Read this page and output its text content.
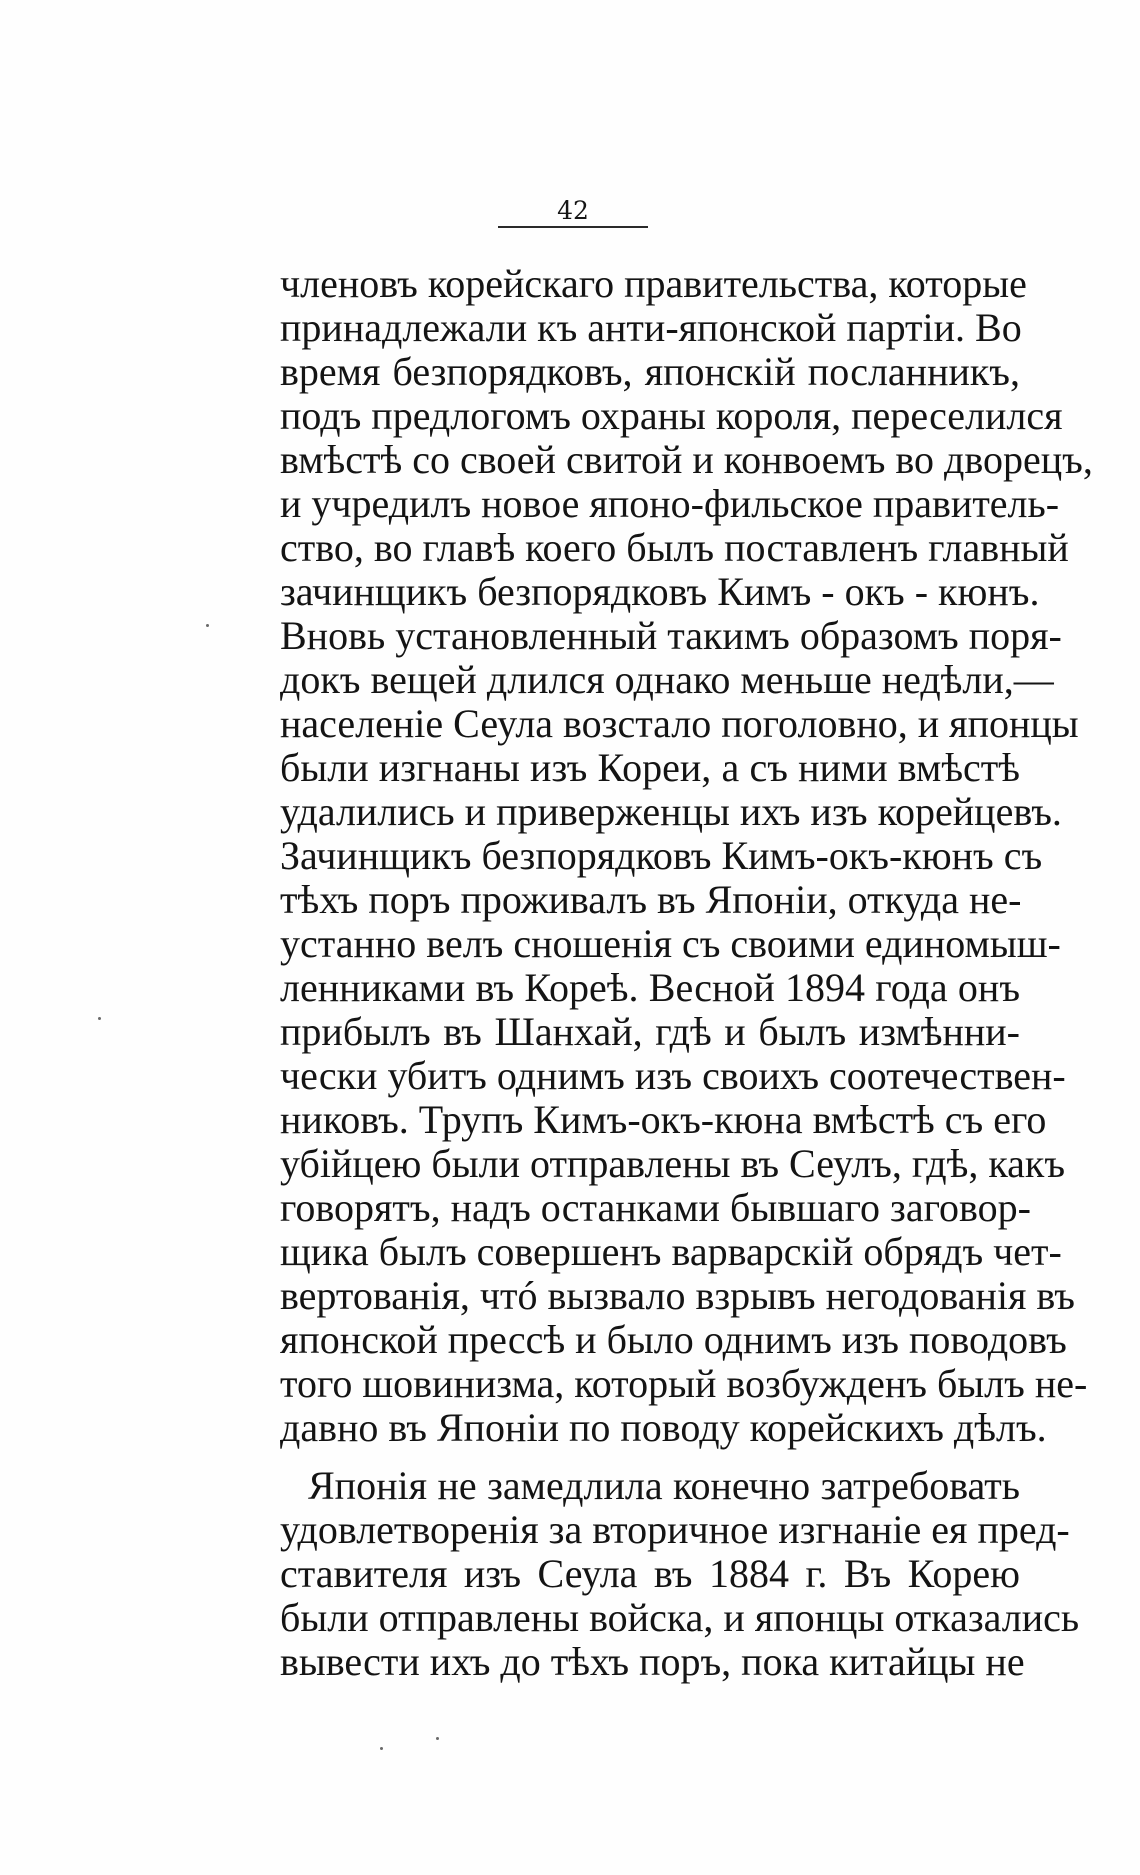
42
членовъ корейскаго правительства, которые
принадлежали къ анти-японской партіи. Во
время безпорядковъ, японскій посланникъ,
подъ предлогомъ охраны короля, переселился
вмѣстѣ со своей свитой и конвоемъ во дворецъ,
и учредилъ новое японо-фильское правитель-
ство, во главѣ коего былъ поставленъ главный
зачинщикъ безпорядковъ Кимъ - окъ - кюнъ.
Вновь установленный такимъ образомъ поря-
докъ вещей длился однако меньше недѣли,—
населеніе Сеула возстало поголовно, и японцы
были изгнаны изъ Кореи, а съ ними вмѣстѣ
удалились и приверженцы ихъ изъ корейцевъ.
Зачинщикъ безпорядковъ Кимъ-окъ-кюнъ съ
тѣхъ поръ проживалъ въ Японіи, откуда не-
устанно велъ сношенія съ своими единомыш-
ленниками въ Кореѣ. Весной 1894 года онъ
прибылъ въ Шанхай, гдѣ и былъ измѣнни-
чески убитъ однимъ изъ своихъ соотечествен-
никовъ. Трупъ Кимъ-окъ-кюна вмѣстѣ съ его
убійцею были отправлены въ Сеулъ, гдѣ, какъ
говорятъ, надъ останками бывшаго заговор-
щика былъ совершенъ варварскій обрядъ чет-
вертованія, чтó вызвало взрывъ негодованія въ
японской прессѣ и было однимъ изъ поводовъ
того шовинизма, который возбужденъ былъ не-
давно въ Японіи по поводу корейскихъ дѣлъ.
Японія не замедлила конечно затребовать
удовлетворенія за вторичное изгнаніе ея пред-
ставителя изъ Сеула въ 1884 г. Въ Корею
были отправлены войска, и японцы отказались
вывести ихъ до тѣхъ поръ, пока китайцы не
